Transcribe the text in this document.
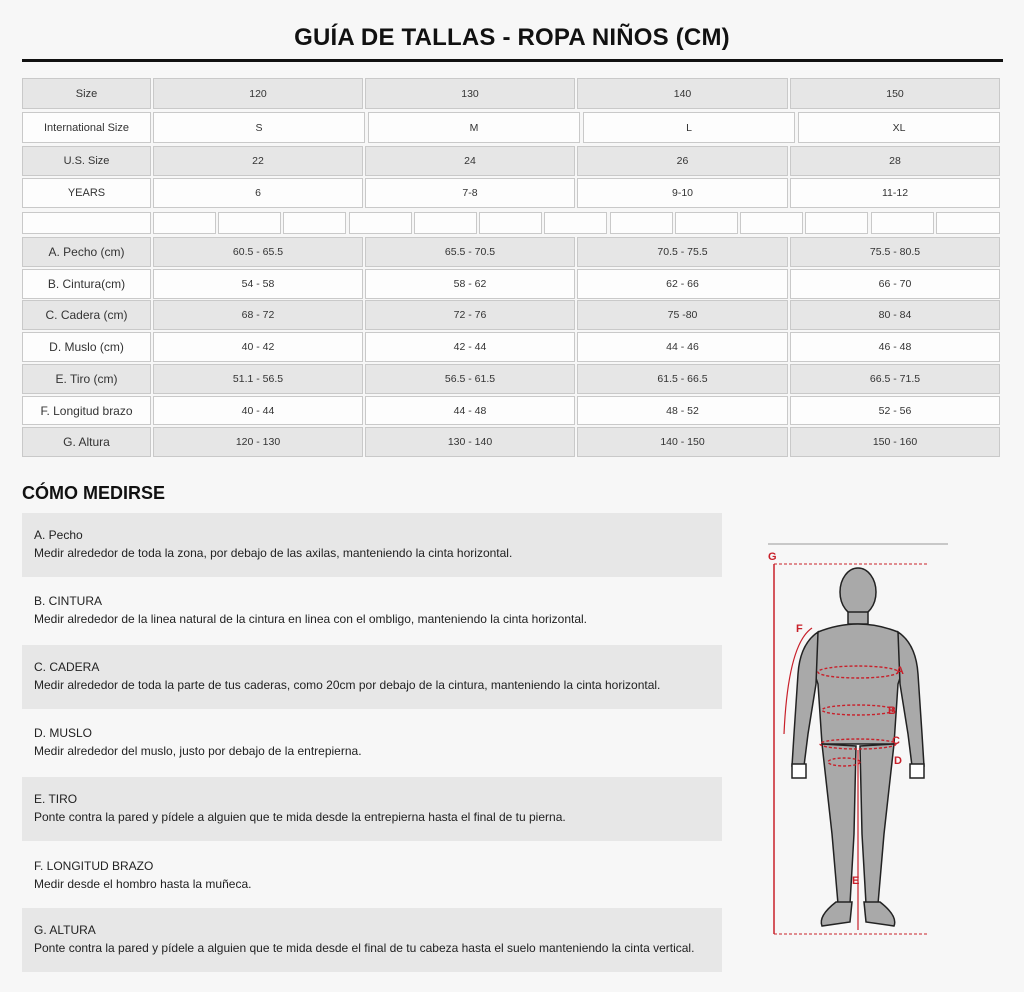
GUÍA DE TALLAS - ROPA NIÑOS (CM)
Size	120	130	140	150
International Size	S	M	L	XL
U.S. Size	22	24	26	28
YEARS	6	7-8	9-10	11-12
A. Pecho (cm)	60.5 - 65.5	65.5 - 70.5	70.5 - 75.5	75.5 - 80.5
B. Cintura(cm)	54 - 58	58 - 62	62 - 66	66 - 70
C. Cadera (cm)	68 - 72	72 - 76	75 -80	80 - 84
D. Muslo (cm)	40 - 42	42 - 44	44 - 46	46 - 48
E. Tiro (cm)	51.1 - 56.5	56.5 - 61.5	61.5 - 66.5	66.5 - 71.5
F. Longitud brazo	40 - 44	44 - 48	48 - 52	52 - 56
G. Altura	120 - 130	130 - 140	140 - 150	150 - 160
CÓMO MEDIRSE
A. Pecho
Medir alrededor de toda la zona, por debajo de las axilas, manteniendo la cinta horizontal.
B. CINTURA
Medir alrededor de la linea natural de la cintura en linea con el ombligo, manteniendo la cinta horizontal.
C. CADERA
Medir alrededor de toda la parte de tus caderas, como 20cm por debajo de la cintura, manteniendo la cinta horizontal.
D. MUSLO
Medir alrededor del muslo, justo por debajo de la entrepierna.
E. TIRO
Ponte contra la pared y pídele a alguien que te mida desde la entrepierna hasta el final de tu pierna.
F. LONGITUD BRAZO
Medir desde el hombro hasta la muñeca.
G. ALTURA
Ponte contra la pared y pídele a alguien que te mida desde el final de tu cabeza hasta el suelo manteniendo la cinta vertical.
G
F
A
B
C
D
E
